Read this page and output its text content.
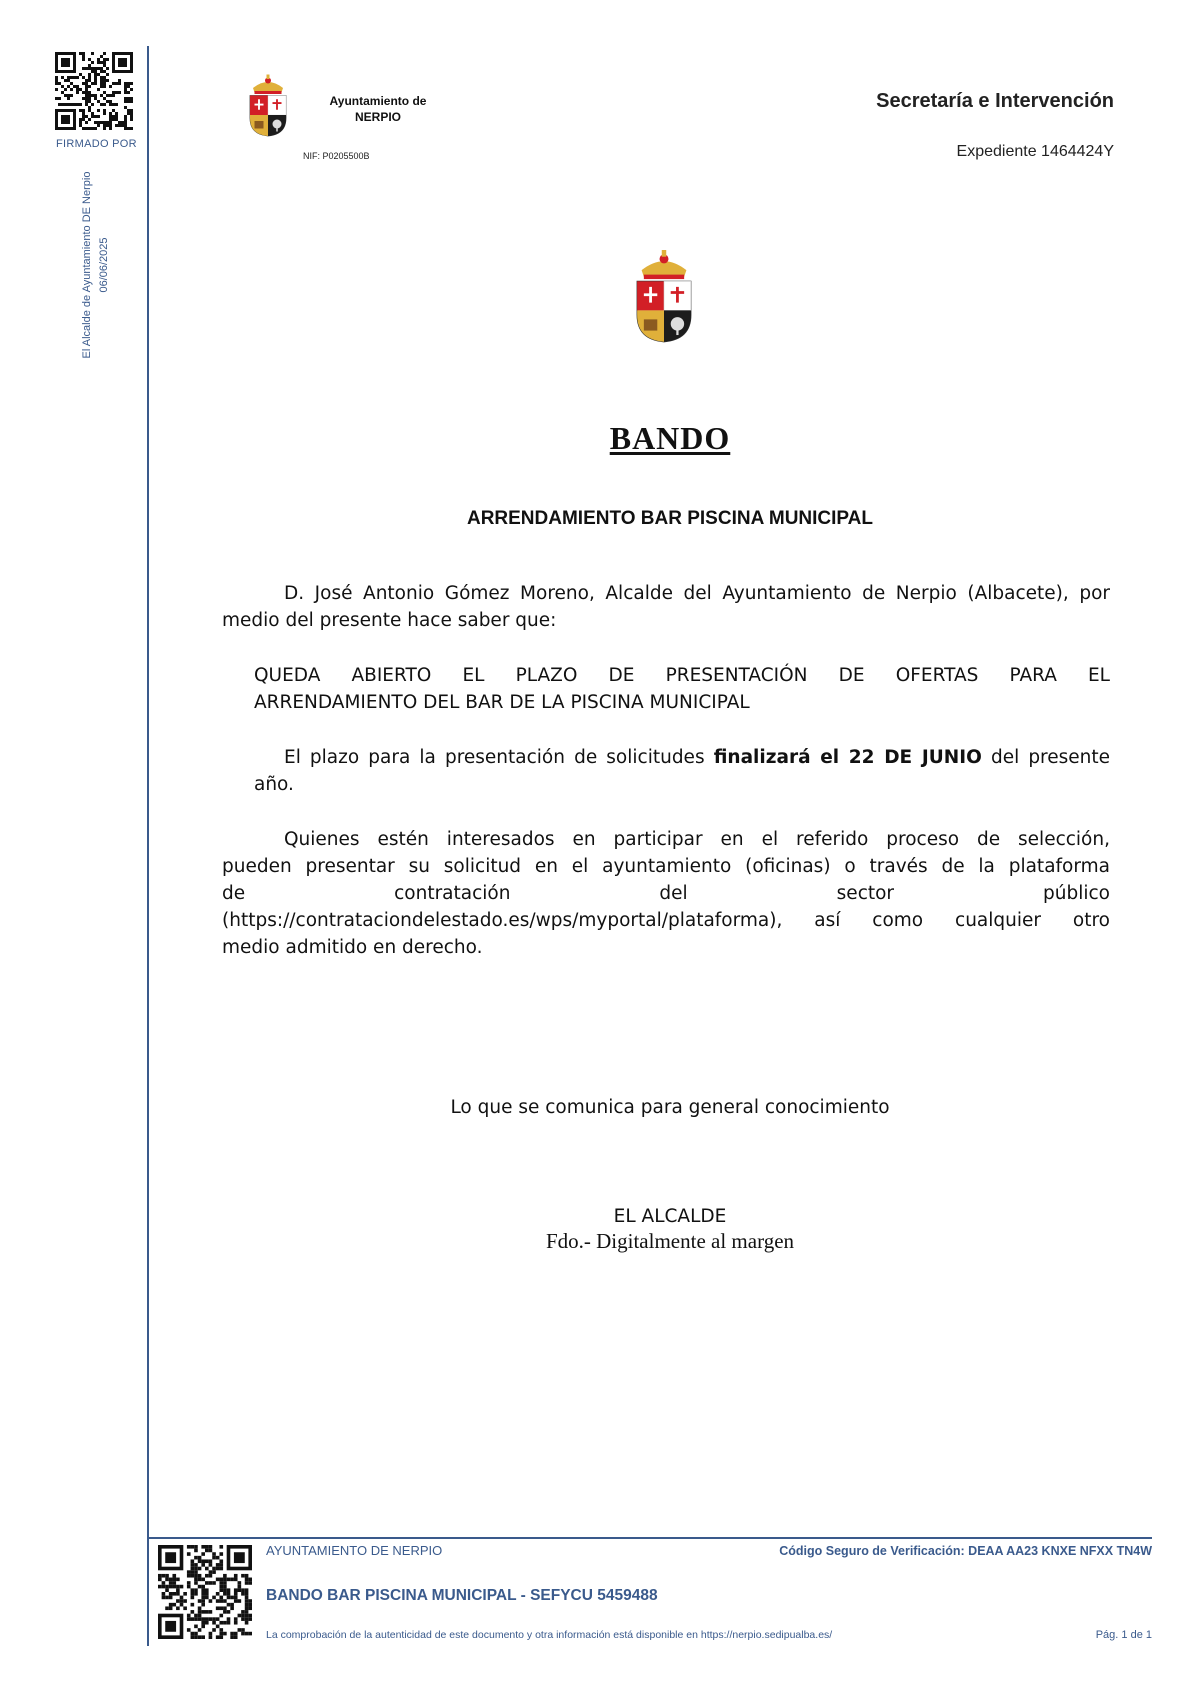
FIRMADO POR
El Alcalde de Ayuntamiento DE Nerpio 06/06/2025
Ayuntamiento de
NERPIO
NIF: P0205500B
Secretaría e Intervención
Expediente 1464424Y
BANDO
ARRENDAMIENTO BAR PISCINA MUNICIPAL
D. José Antonio Gómez Moreno, Alcalde del Ayuntamiento de Nerpio (Albacete), por medio del presente hace saber que:
QUEDA ABIERTO EL PLAZO DE PRESENTACIÓN DE OFERTAS PARA EL
ARRENDAMIENTO DEL BAR DE LA PISCINA MUNICIPAL
El plazo para la presentación de solicitudes finalizará el 22 DE JUNIO del presente año.
Quienes estén interesados en participar en el referido proceso de selección,
pueden presentar su solicitud en el ayuntamiento (oficinas) o través de la plataforma
de contratación del sector público
(https://contrataciondelestado.es/wps/myportal/plataforma), así como cualquier otro
medio admitido en derecho.
Lo que se comunica para general conocimiento
EL ALCALDE
Fdo.- Digitalmente al margen
AYUNTAMIENTO DE NERPIO	Código Seguro de Verificación: DEAA AA23 KNXE NFXX TN4W
BANDO BAR PISCINA MUNICIPAL - SEFYCU 5459488
La comprobación de la autenticidad de este documento y otra información está disponible en https://nerpio.sedipualba.es/	Pág. 1 de 1
